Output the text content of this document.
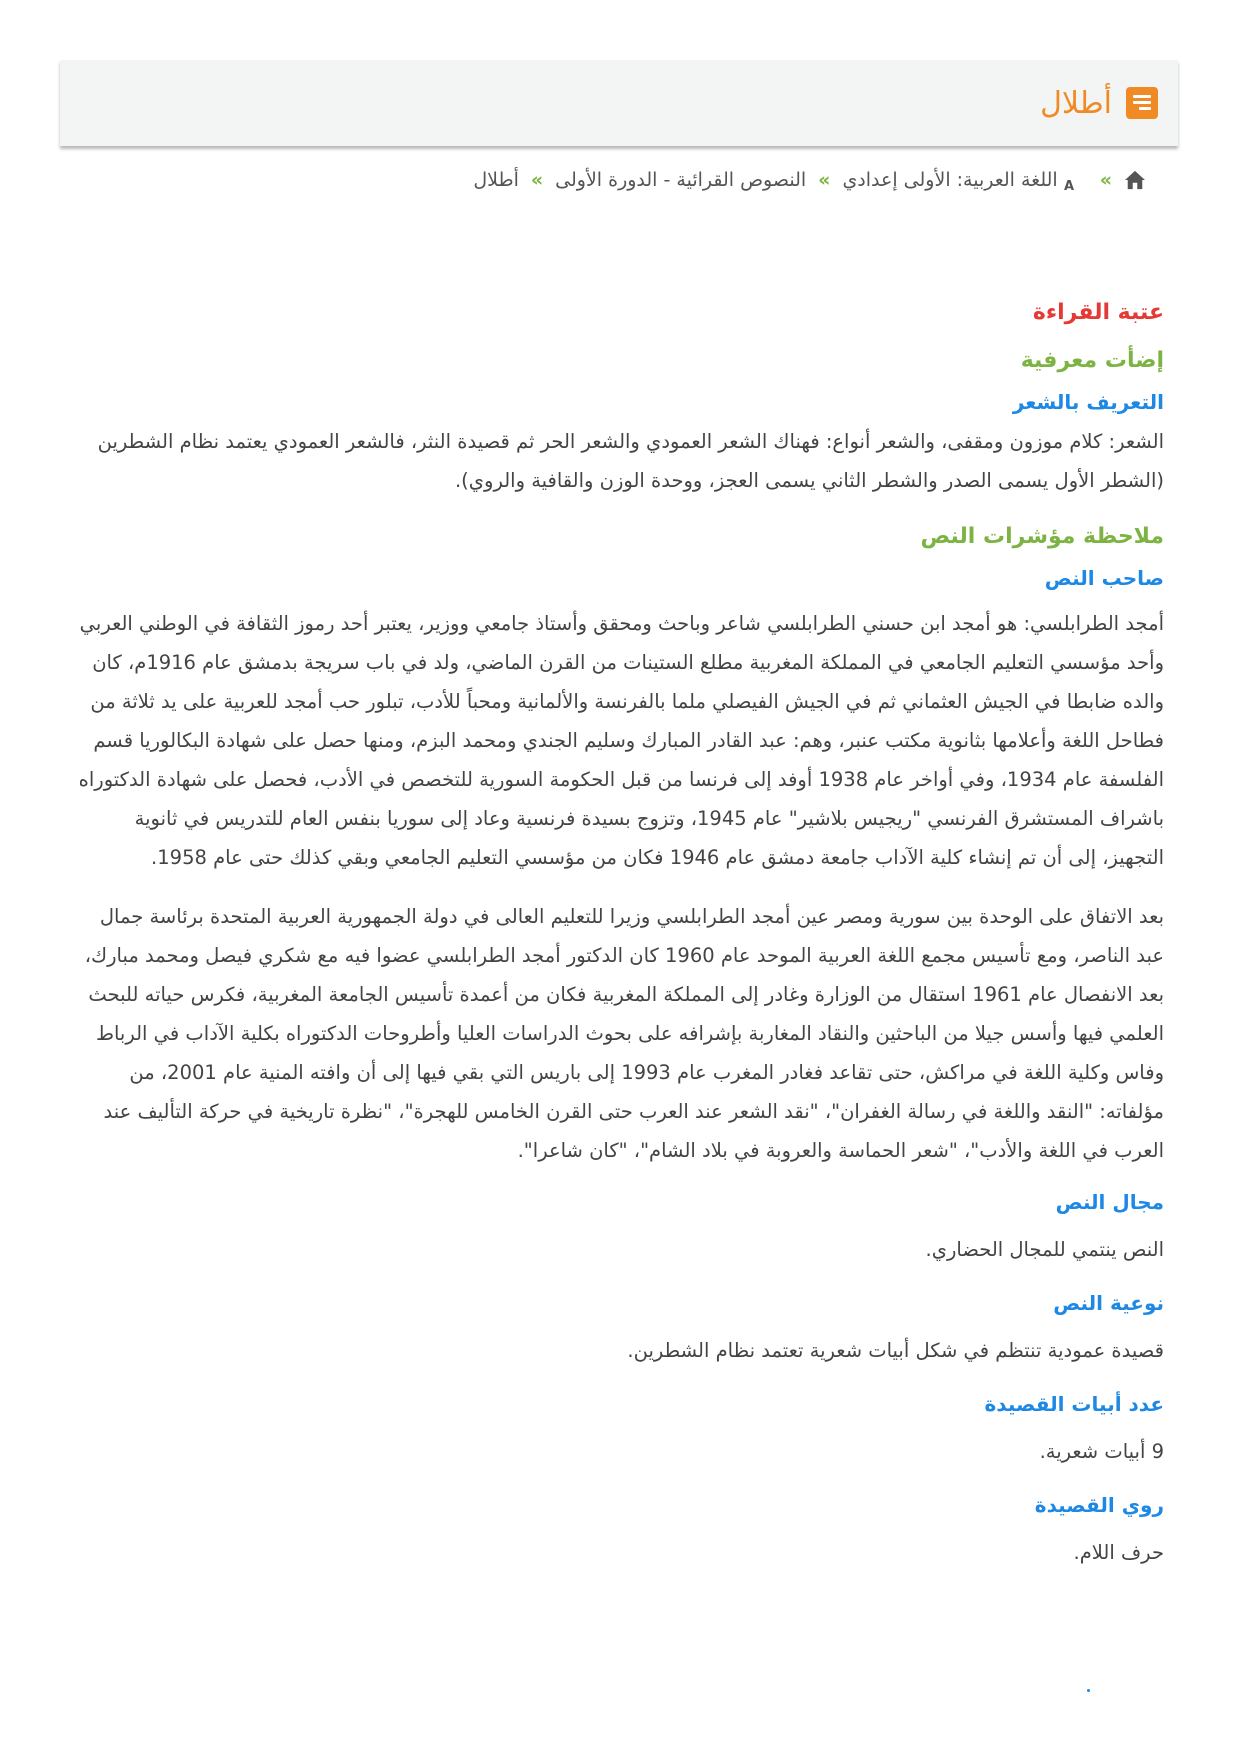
أطلال
»
A
اللغة العربية: الأولى إعدادي
»
النصوص القرائية - الدورة الأولى
»
أطلال
عتبة القراءة
إضأت معرفية
التعريف بالشعر

الشعر: كلام موزون ومقفى، والشعر أنواع: فهناك الشعر العمودي والشعر الحر ثم قصيدة النثر، فالشعر العمودي يعتمد نظام الشطرين (الشطر الأول يسمى الصدر والشطر الثاني يسمى العجز، ووحدة الوزن والقافية والروي).

ملاحظة مؤشرات النص
صاحب النص

أمجد الطرابلسي: هو أمجد ابن حسني الطرابلسي شاعر وباحث ومحقق وأستاذ جامعي ووزير، يعتبر أحد رموز الثقافة في الوطني العربي وأحد مؤسسي التعليم الجامعي في المملكة المغربية مطلع الستينات من القرن الماضي، ولد في باب سريجة بدمشق عام 1916م، كان والده ضابطا في الجيش العثماني ثم في الجيش الفيصلي ملما بالفرنسة والألمانية ومحباً للأدب، تبلور حب أمجد للعربية على يد ثلاثة من فطاحل اللغة وأعلامها بثانوية مكتب عنبر، وهم: عبد القادر المبارك وسليم الجندي ومحمد البزم، ومنها حصل على شهادة البكالوريا قسم الفلسفة عام 1934، وفي أواخر عام 1938 أوفد إلى فرنسا من قبل الحكومة السورية للتخصص في الأدب، فحصل على شهادة الدكتوراه باشراف المستشرق الفرنسي "ريجيس بلاشير" عام 1945، وتزوج بسيدة فرنسية وعاد إلى سوريا بنفس العام للتدريس في ثانوية التجهيز، إلى أن تم إنشاء كلية الآداب جامعة دمشق عام 1946 فكان من مؤسسي التعليم الجامعي وبقي كذلك حتى عام 1958.

بعد الاتفاق على الوحدة بين سورية ومصر عين أمجد الطرابلسي وزيرا للتعليم العالى في دولة الجمهورية العربية المتحدة برئاسة جمال عبد الناصر، ومع تأسيس مجمع اللغة العربية الموحد عام 1960 كان الدكتور أمجد الطرابلسي عضوا فيه مع شكري فيصل ومحمد مبارك، بعد الانفصال عام 1961 استقال من الوزارة وغادر إلى المملكة المغربية فكان من أعمدة تأسيس الجامعة المغربية، فكرس حياته للبحث العلمي فيها وأسس جيلا من الباحثين والنقاد المغاربة بإشرافه على بحوث الدراسات العليا وأطروحات الدكتوراه بكلية الآداب في الرباط وفاس وكلية اللغة في مراكش، حتى تقاعد فغادر المغرب عام 1993 إلى باريس التي بقي فيها إلى أن وافته المنية عام 2001، من مؤلفاته: "النقد واللغة في رسالة الغفران"، "نقد الشعر عند العرب حتى القرن الخامس للهجرة"، "نظرة تاريخية في حركة التأليف عند العرب في اللغة والأدب"، "شعر الحماسة والعروبة في بلاد الشام"، "كان شاعرا".

مجال النص

النص ينتمي للمجال الحضاري.

نوعية النص

قصيدة عمودية تنتظم في شكل أبيات شعرية تعتمد نظام الشطرين.

عدد أبيات القصيدة

9 أبيات شعرية.

روي القصيدة

حرف اللام.
